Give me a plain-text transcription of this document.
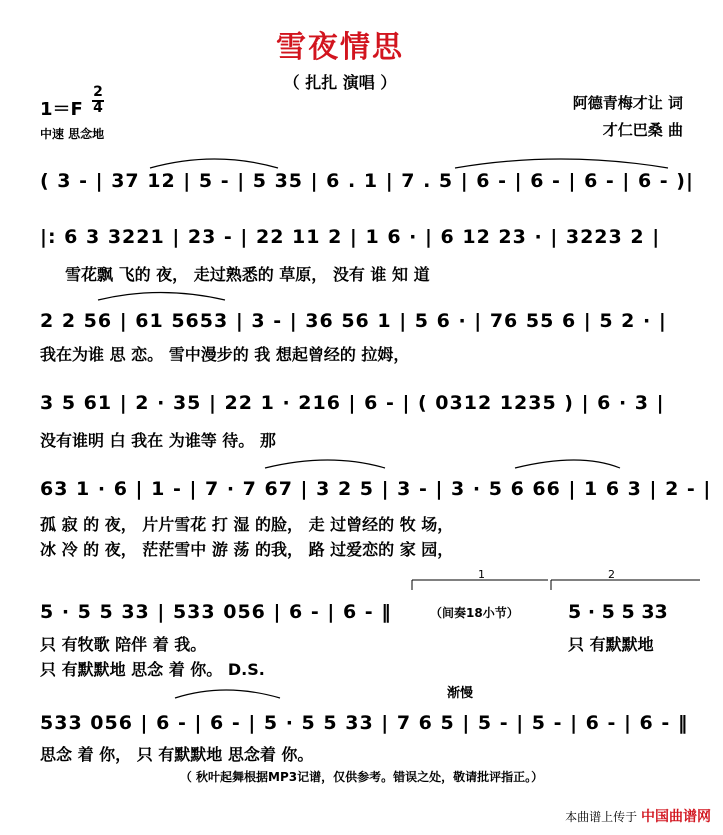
雪夜情思
（ 扎扎 演唱 ）
1＝F
2
4
中速 思念地
阿德青梅才让 词
才仁巴桑 曲
( 3 - | 37 12 | 5 - | 5 35 | 6 . 1 | 7 . 5 | 6 - | 6 - | 6 - | 6 - )|
|: 6 3 3221 | 23 - | 22 11 2 | 1 6 · | 6 12 23 · | 3223 2 |
雪花飘 飞的 夜， 走过熟悉的 草原， 没有 谁 知 道
2 2 56 | 61 5653 | 3 - | 36 56 1 | 5 6 · | 76 55 6 | 5 2 · |
我在为谁 思 恋。 雪中漫步的 我 想起曾经的 拉姆，
3 5 61 | 2 · 35 | 22 1 · 216 | 6 - | ( 0312 1235 ) | 6 · 3 |
没有谁明 白 我在 为谁等 待。 那
63 1 · 6 | 1 - | 7 · 7 67 | 3 2 5 | 3 - | 3 · 5 6 66 | 1 6 3 | 2 - |
孤 寂 的 夜， 片片雪花 打 湿 的脸， 走 过曾经的 牧 场，
冰 冷 的 夜， 茫茫雪中 游 荡 的我， 路 过爱恋的 家 园，
5 · 5 5 33 | 533 056 | 6 - | 6 - ‖	（间奏18小节）	5 · 5 5 33
只 有牧歌 陪伴 着 我。	只 有默默地
只 有默默地 思念 着 你。 D.S.
渐慢
533 056 | 6 - | 6 - | 5 · 5 5 33 | 7 6 5 | 5 - | 5 - | 6 - | 6 - ‖
思念 着 你， 只 有默默地 思念着 你。
（ 秋叶起舞根据MP3记谱，仅供参考。错误之处，敬请批评指正。）
本曲谱上传于 中国曲谱网
1	2
